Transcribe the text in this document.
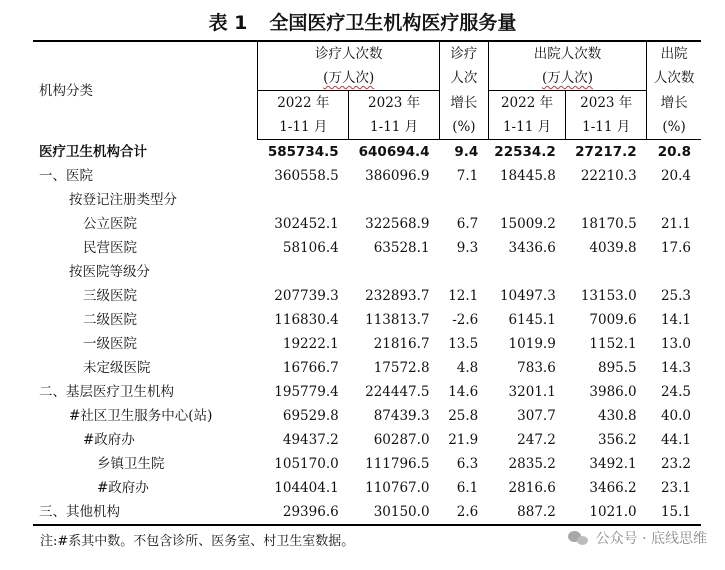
表 1 全国医疗卫生机构医疗服务量
机构分类	诊疗人次数		诊疗	出院人次数		出院
	(万人次)		人次	(万人次)		人次数
	2022 年	2023 年	增长	2022 年	2023 年	增长
	1-11 月	1-11 月	(%)	1-11 月	1-11 月	(%)
医疗卫生机构合计	585734.5	640694.4	9.4	22534.2	27217.2	20.8
一、医院	360558.5	386096.9	7.1	18445.8	22210.3	20.4
按登记注册类型分						
公立医院	302452.1	322568.9	6.7	15009.2	18170.5	21.1
民营医院	58106.4	63528.1	9.3	3436.6	4039.8	17.6
按医院等级分						
三级医院	207739.3	232893.7	12.1	10497.3	13153.0	25.3
二级医院	116830.4	113813.7	-2.6	6145.1	7009.6	14.1
一级医院	19222.1	21816.7	13.5	1019.9	1152.1	13.0
未定级医院	16766.7	17572.8	4.8	783.6	895.5	14.3
二、基层医疗卫生机构	195779.4	224447.5	14.6	3201.1	3986.0	24.5
#社区卫生服务中心(站)	69529.8	87439.3	25.8	307.7	430.8	40.0
#政府办	49437.2	60287.0	21.9	247.2	356.2	44.1
乡镇卫生院	105170.0	111796.5	6.3	2835.2	3492.1	23.2
#政府办	104404.1	110767.0	6.1	2816.6	3466.2	23.1
三、其他机构	29396.6	30150.0	2.6	887.2	1021.0	15.1
注:#系其中数。不包含诊所、医务室、村卫生室数据。	公众号 · 底线思维
